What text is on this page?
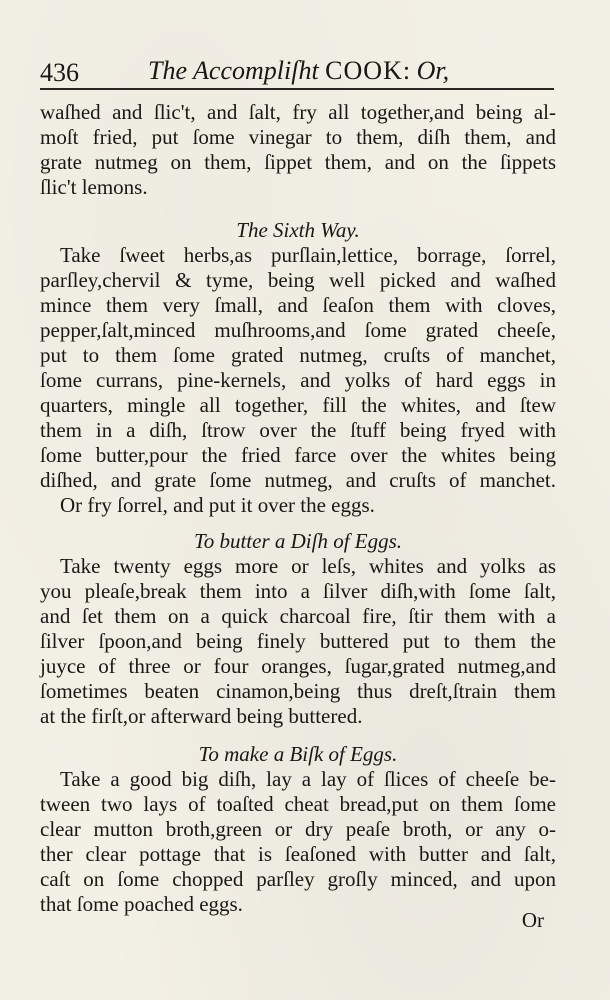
436	The Accompliſht COOK: Or,
waſhed and ſlic't, and ſalt, fry all together,and being al-
moſt fried, put ſome vinegar to them, diſh them, and
grate nutmeg on them, ſippet them, and on the ſippets
ſlic't lemons.
The Sixth Way.
Take ſweet herbs,as purſlain,lettice, borrage, ſorrel,
parſley,chervil & tyme, being well picked and waſhed
mince them very ſmall, and ſeaſon them with cloves,
pepper,ſalt,minced muſhrooms,and ſome grated cheeſe,
put to them ſome grated nutmeg, cruſts of manchet,
ſome currans, pine-kernels, and yolks of hard eggs in
quarters, mingle all together, fill the whites, and ſtew
them in a diſh, ſtrow over the ſtuff being fryed with
ſome butter,pour the fried farce over the whites being
diſhed, and grate ſome nutmeg, and cruſts of manchet.
Or fry ſorrel, and put it over the eggs.
To butter a Diſh of Eggs.
Take twenty eggs more or leſs, whites and yolks as
you pleaſe,break them into a ſilver diſh,with ſome ſalt,
and ſet them on a quick charcoal fire, ſtir them with a
ſilver ſpoon,and being finely buttered put to them the
juyce of three or four oranges, ſugar,grated nutmeg,and
ſometimes beaten cinamon,being thus dreſt,ſtrain them
at the firſt,or afterward being buttered.
To make a Biſk of Eggs.
Take a good big diſh, lay a lay of ſlices of cheeſe be-
tween two lays of toaſted cheat bread,put on them ſome
clear mutton broth,green or dry peaſe broth, or any o-
ther clear pottage that is ſeaſoned with butter and ſalt,
caſt on ſome chopped parſley groſly minced, and upon
that ſome poached eggs.
Or
